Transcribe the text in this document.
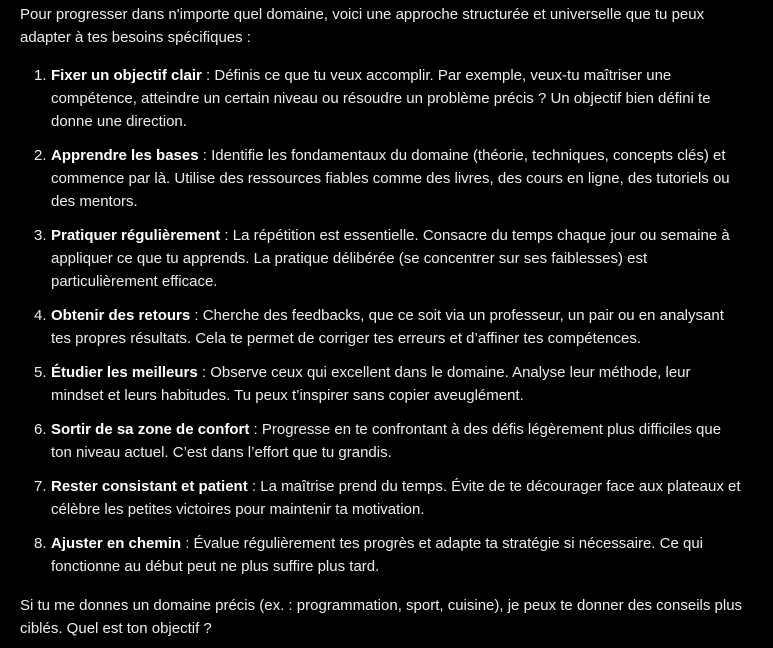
Pour progresser dans n'importe quel domaine, voici une approche structurée et universelle que tu peux adapter à tes besoins spécifiques :

1. Fixer un objectif clair : Définis ce que tu veux accomplir. Par exemple, veux-tu maîtriser une compétence, atteindre un certain niveau ou résoudre un problème précis ? Un objectif bien défini te donne une direction.
2. Apprendre les bases : Identifie les fondamentaux du domaine (théorie, techniques, concepts clés) et commence par là. Utilise des ressources fiables comme des livres, des cours en ligne, des tutoriels ou des mentors.
3. Pratiquer régulièrement : La répétition est essentielle. Consacre du temps chaque jour ou semaine à appliquer ce que tu apprends. La pratique délibérée (se concentrer sur ses faiblesses) est particulièrement efficace.
4. Obtenir des retours : Cherche des feedbacks, que ce soit via un professeur, un pair ou en analysant tes propres résultats. Cela te permet de corriger tes erreurs et d’affiner tes compétences.
5. Étudier les meilleurs : Observe ceux qui excellent dans le domaine. Analyse leur méthode, leur mindset et leurs habitudes. Tu peux t’inspirer sans copier aveuglément.
6. Sortir de sa zone de confort : Progresse en te confrontant à des défis légèrement plus difficiles que ton niveau actuel. C’est dans l’effort que tu grandis.
7. Rester consistant et patient : La maîtrise prend du temps. Évite de te décourager face aux plateaux et célèbre les petites victoires pour maintenir ta motivation.
8. Ajuster en chemin : Évalue régulièrement tes progrès et adapte ta stratégie si nécessaire. Ce qui fonctionne au début peut ne plus suffire plus tard.

Si tu me donnes un domaine précis (ex. : programmation, sport, cuisine), je peux te donner des conseils plus ciblés. Quel est ton objectif ?
